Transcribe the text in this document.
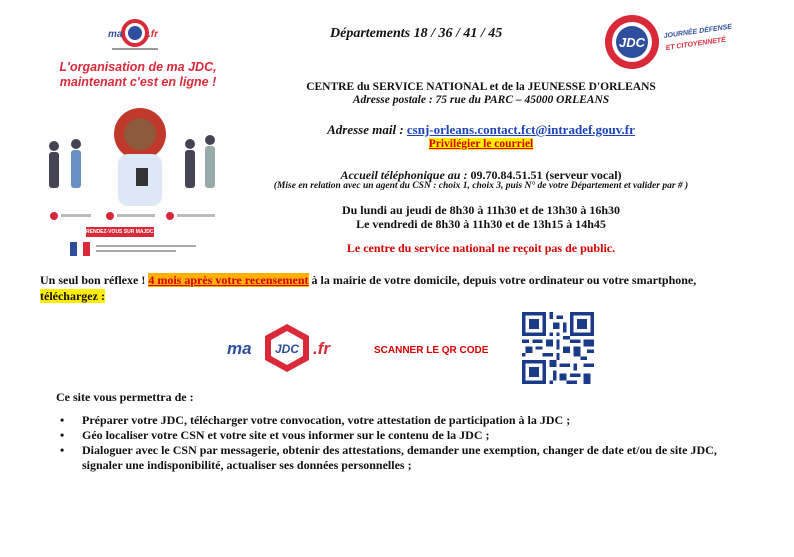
ma	.fr
L'organisation de ma JDC,
maintenant c'est en ligne !
RENDEZ-VOUS SUR MAJDC.FR
Départements 18 / 36 / 41 / 45
JDC
JOURNÉE DÉFENSE
ET CITOYENNETÉ
CENTRE du SERVICE NATIONAL et de la JEUNESSE D'ORLEANS
Adresse postale : 75 rue du PARC – 45000 ORLEANS
Adresse mail : csnj-orleans.contact.fct@intradef.gouv.fr
Privilégier le courriel
Accueil téléphonique au : 09.70.84.51.51 (serveur vocal)
(Mise en relation avec un agent du CSN : choix 1, choix 3, puis N° de votre Département et valider par # )
Du lundi au jeudi de 8h30 à 11h30 et de 13h30 à 16h30
Le vendredi de 8h30 à 11h30 et de 13h15 à 14h45
Le centre du service national ne reçoit pas de public.
Un seul bon réflexe ! 4 mois après votre recensement à la mairie de votre domicile, depuis votre ordinateur ou votre smartphone,
téléchargez :
JDC
ma	.fr	SCANNER LE QR CODE
Ce site vous permettra de :
• Préparer votre JDC, télécharger votre convocation, votre attestation de participation à la JDC ;
• Géo localiser votre CSN et votre site et vous informer sur le contenu de la JDC ;
• Dialoguer avec le CSN par messagerie, obtenir des attestations, demander une exemption, changer de date et/ou de site JDC, signaler une indisponibilité, actualiser ses données personnelles ;
